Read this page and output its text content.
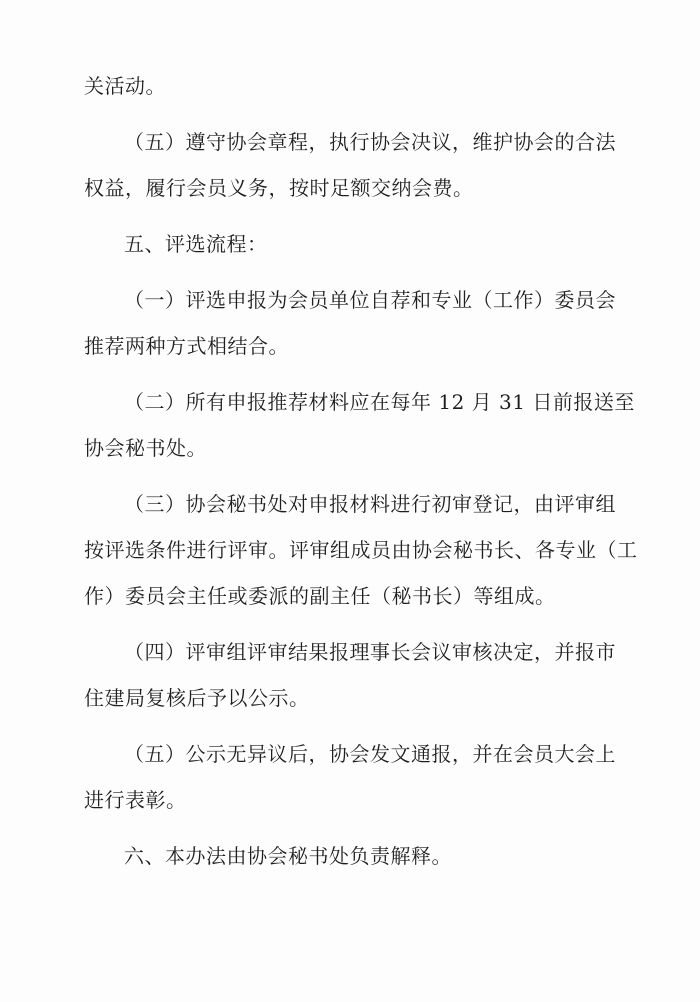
关活动。
（五）遵守协会章程，执行协会决议，维护协会的合法
权益，履行会员义务，按时足额交纳会费。
五、评选流程：
（一）评选申报为会员单位自荐和专业（工作）委员会
推荐两种方式相结合。
（二）所有申报推荐材料应在每年 12 月 31 日前报送至
协会秘书处。
（三）协会秘书处对申报材料进行初审登记，由评审组
按评选条件进行评审。评审组成员由协会秘书长、各专业（工
作）委员会主任或委派的副主任（秘书长）等组成。
（四）评审组评审结果报理事长会议审核决定，并报市
住建局复核后予以公示。
（五）公示无异议后，协会发文通报，并在会员大会上
进行表彰。
六、本办法由协会秘书处负责解释。
